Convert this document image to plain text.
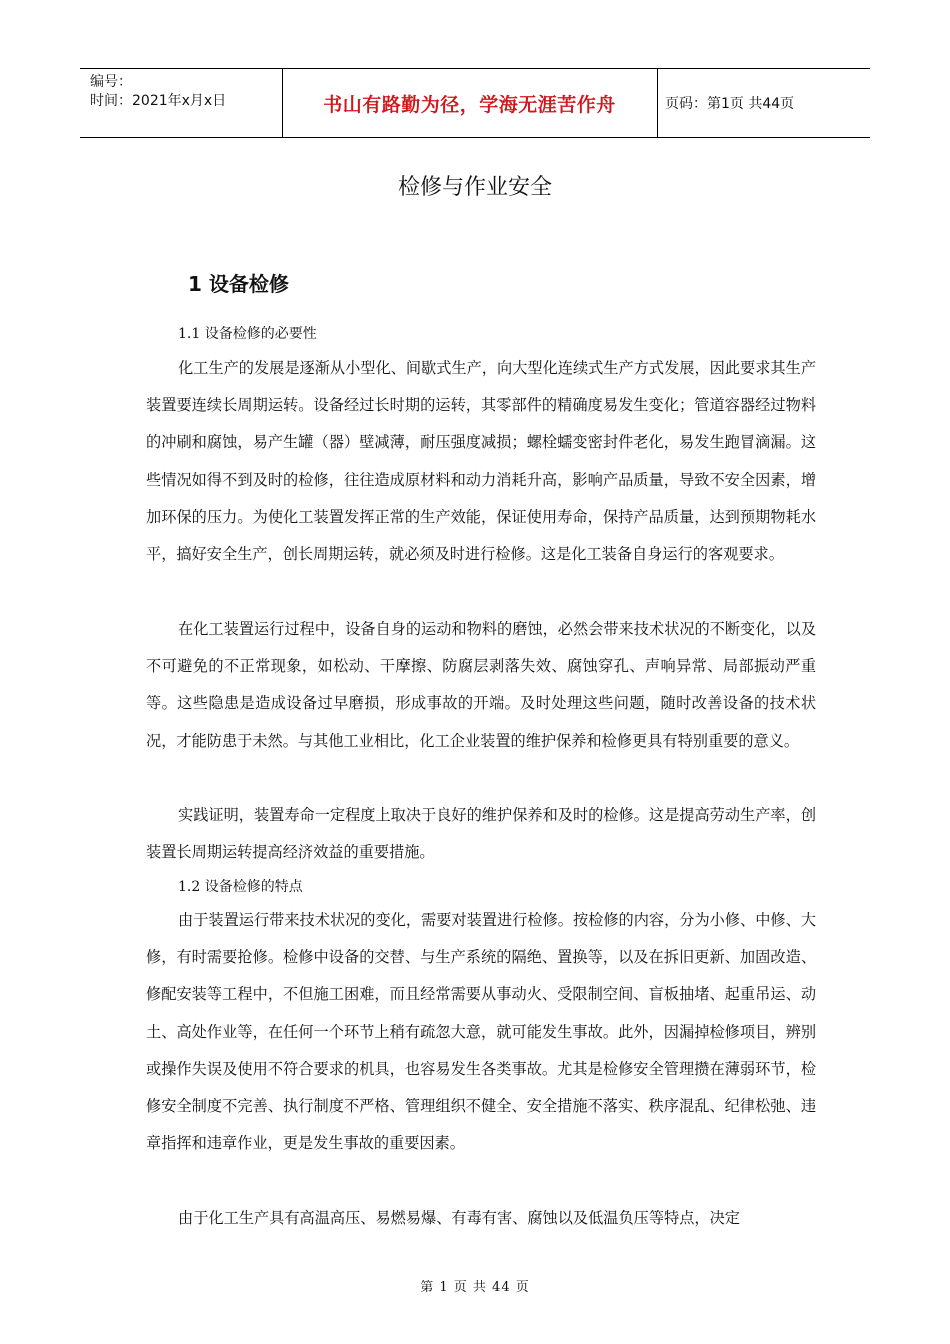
编号：
时间：2021年x月x日	书山有路勤为径，学海无涯苦作舟	页码：第1页 共44页
检修与作业安全
1 设备检修
1.1 设备检修的必要性

化工生产的发展是逐渐从小型化、间歇式生产，向大型化连续式生产方式发展，因此要求其生产装置要连续长周期运转。设备经过长时期的运转，其零部件的精确度易发生变化；管道容器经过物料的冲刷和腐蚀，易产生罐（器）壁减薄，耐压强度减损；螺栓蠕变密封件老化，易发生跑冒滴漏。这些情况如得不到及时的检修，往往造成原材料和动力消耗升高，影响产品质量，导致不安全因素，增加环保的压力。为使化工装置发挥正常的生产效能，保证使用寿命，保持产品质量，达到预期物耗水平，搞好安全生产，创长周期运转，就必须及时进行检修。这是化工装备自身运行的客观要求。

在化工装置运行过程中，设备自身的运动和物料的磨蚀，必然会带来技术状况的不断变化，以及不可避免的不正常现象，如松动、干摩擦、防腐层剥落失效、腐蚀穿孔、声响异常、局部振动严重等。这些隐患是造成设备过早磨损，形成事故的开端。及时处理这些问题，随时改善设备的技术状况，才能防患于未然。与其他工业相比，化工企业装置的维护保养和检修更具有特别重要的意义。

实践证明，装置寿命一定程度上取决于良好的维护保养和及时的检修。这是提高劳动生产率，创装置长周期运转提高经济效益的重要措施。

1.2 设备检修的特点

由于装置运行带来技术状况的变化，需要对装置进行检修。按检修的内容，分为小修、中修、大修，有时需要抢修。检修中设备的交替、与生产系统的隔绝、置换等，以及在拆旧更新、加固改造、修配安装等工程中，不但施工困难，而且经常需要从事动火、受限制空间、盲板抽堵、起重吊运、动土、高处作业等，在任何一个环节上稍有疏忽大意，就可能发生事故。此外，因漏掉检修项目，辨别或操作失误及使用不符合要求的机具，也容易发生各类事故。尤其是检修安全管理攒在薄弱环节，检修安全制度不完善、执行制度不严格、管理组织不健全、安全措施不落实、秩序混乱、纪律松弛、违章指挥和违章作业，更是发生事故的重要因素。

由于化工生产具有高温高压、易燃易爆、有毒有害、腐蚀以及低温负压等特点，决定

第 1 页 共 44 页
